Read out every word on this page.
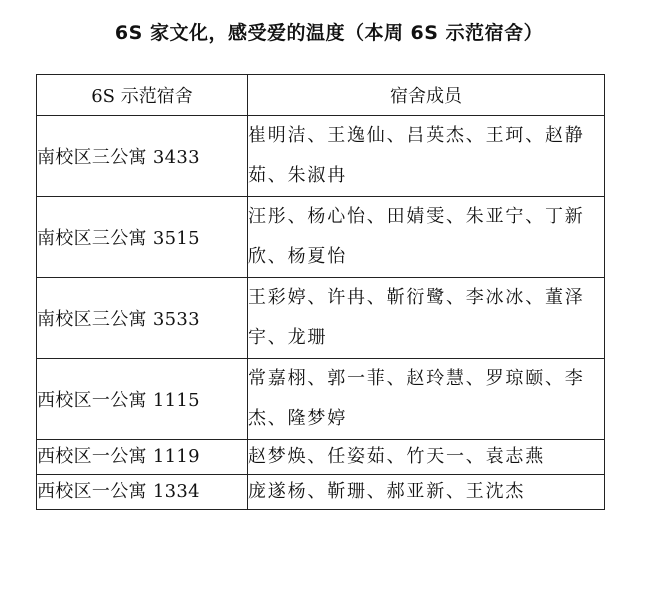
6S 家文化，感受爱的温度（本周 6S 示范宿舍）
6S 示范宿舍	宿舍成员
南校区三公寓 3433	崔明洁、王逸仙、吕英杰、王珂、赵静茹、朱淑冉
南校区三公寓 3515	汪彤、杨心怡、田婧雯、朱亚宁、丁新欣、杨夏怡
南校区三公寓 3533	王彩婷、许冉、靳衍鹭、李冰冰、董泽宇、龙珊
西校区一公寓 1115	常嘉栩、郭一菲、赵玲慧、罗琼颐、李杰、隆梦婷
西校区一公寓 1119	赵梦焕、任姿茹、竹天一、袁志燕
西校区一公寓 1334	庞遂杨、靳珊、郝亚新、王沈杰
